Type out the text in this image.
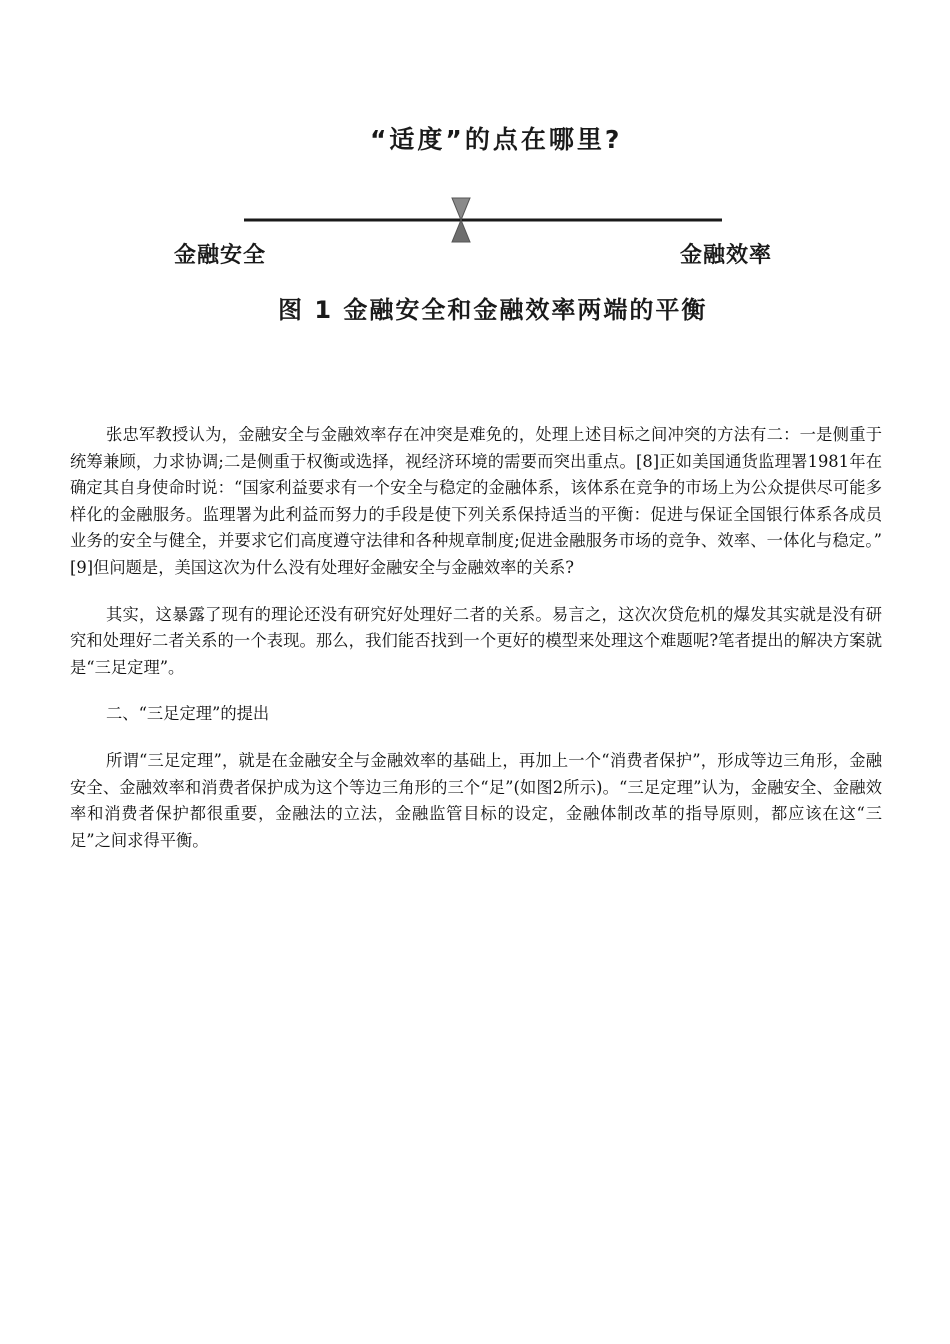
“适度”的点在哪里?
金融安全	金融效率
图 1 金融安全和金融效率两端的平衡

张忠军教授认为，金融安全与金融效率存在冲突是难免的，处理上述目标之间冲突的方法有二：一是侧重于统筹兼顾，力求协调;二是侧重于权衡或选择，视经济环境的需要而突出重点。[8]正如美国通货监理署1981年在确定其自身使命时说：“国家利益要求有一个安全与稳定的金融体系，该体系在竞争的市场上为公众提供尽可能多样化的金融服务。监理署为此利益而努力的手段是使下列关系保持适当的平衡：促进与保证全国银行体系各成员业务的安全与健全，并要求它们高度遵守法律和各种规章制度;促进金融服务市场的竞争、效率、一体化与稳定。” [9]但问题是，美国这次为什么没有处理好金融安全与金融效率的关系?

其实，这暴露了现有的理论还没有研究好处理好二者的关系。易言之，这次次贷危机的爆发其实就是没有研究和处理好二者关系的一个表现。那么，我们能否找到一个更好的模型来处理这个难题呢?笔者提出的解决方案就是“三足定理”。

二、“三足定理”的提出

所谓“三足定理”，就是在金融安全与金融效率的基础上，再加上一个“消费者保护”，形成等边三角形，金融安全、金融效率和消费者保护成为这个等边三角形的三个“足”(如图2所示)。“三足定理”认为，金融安全、金融效率和消费者保护都很重要，金融法的立法，金融监管目标的设定，金融体制改革的指导原则，都应该在这“三足”之间求得平衡。
